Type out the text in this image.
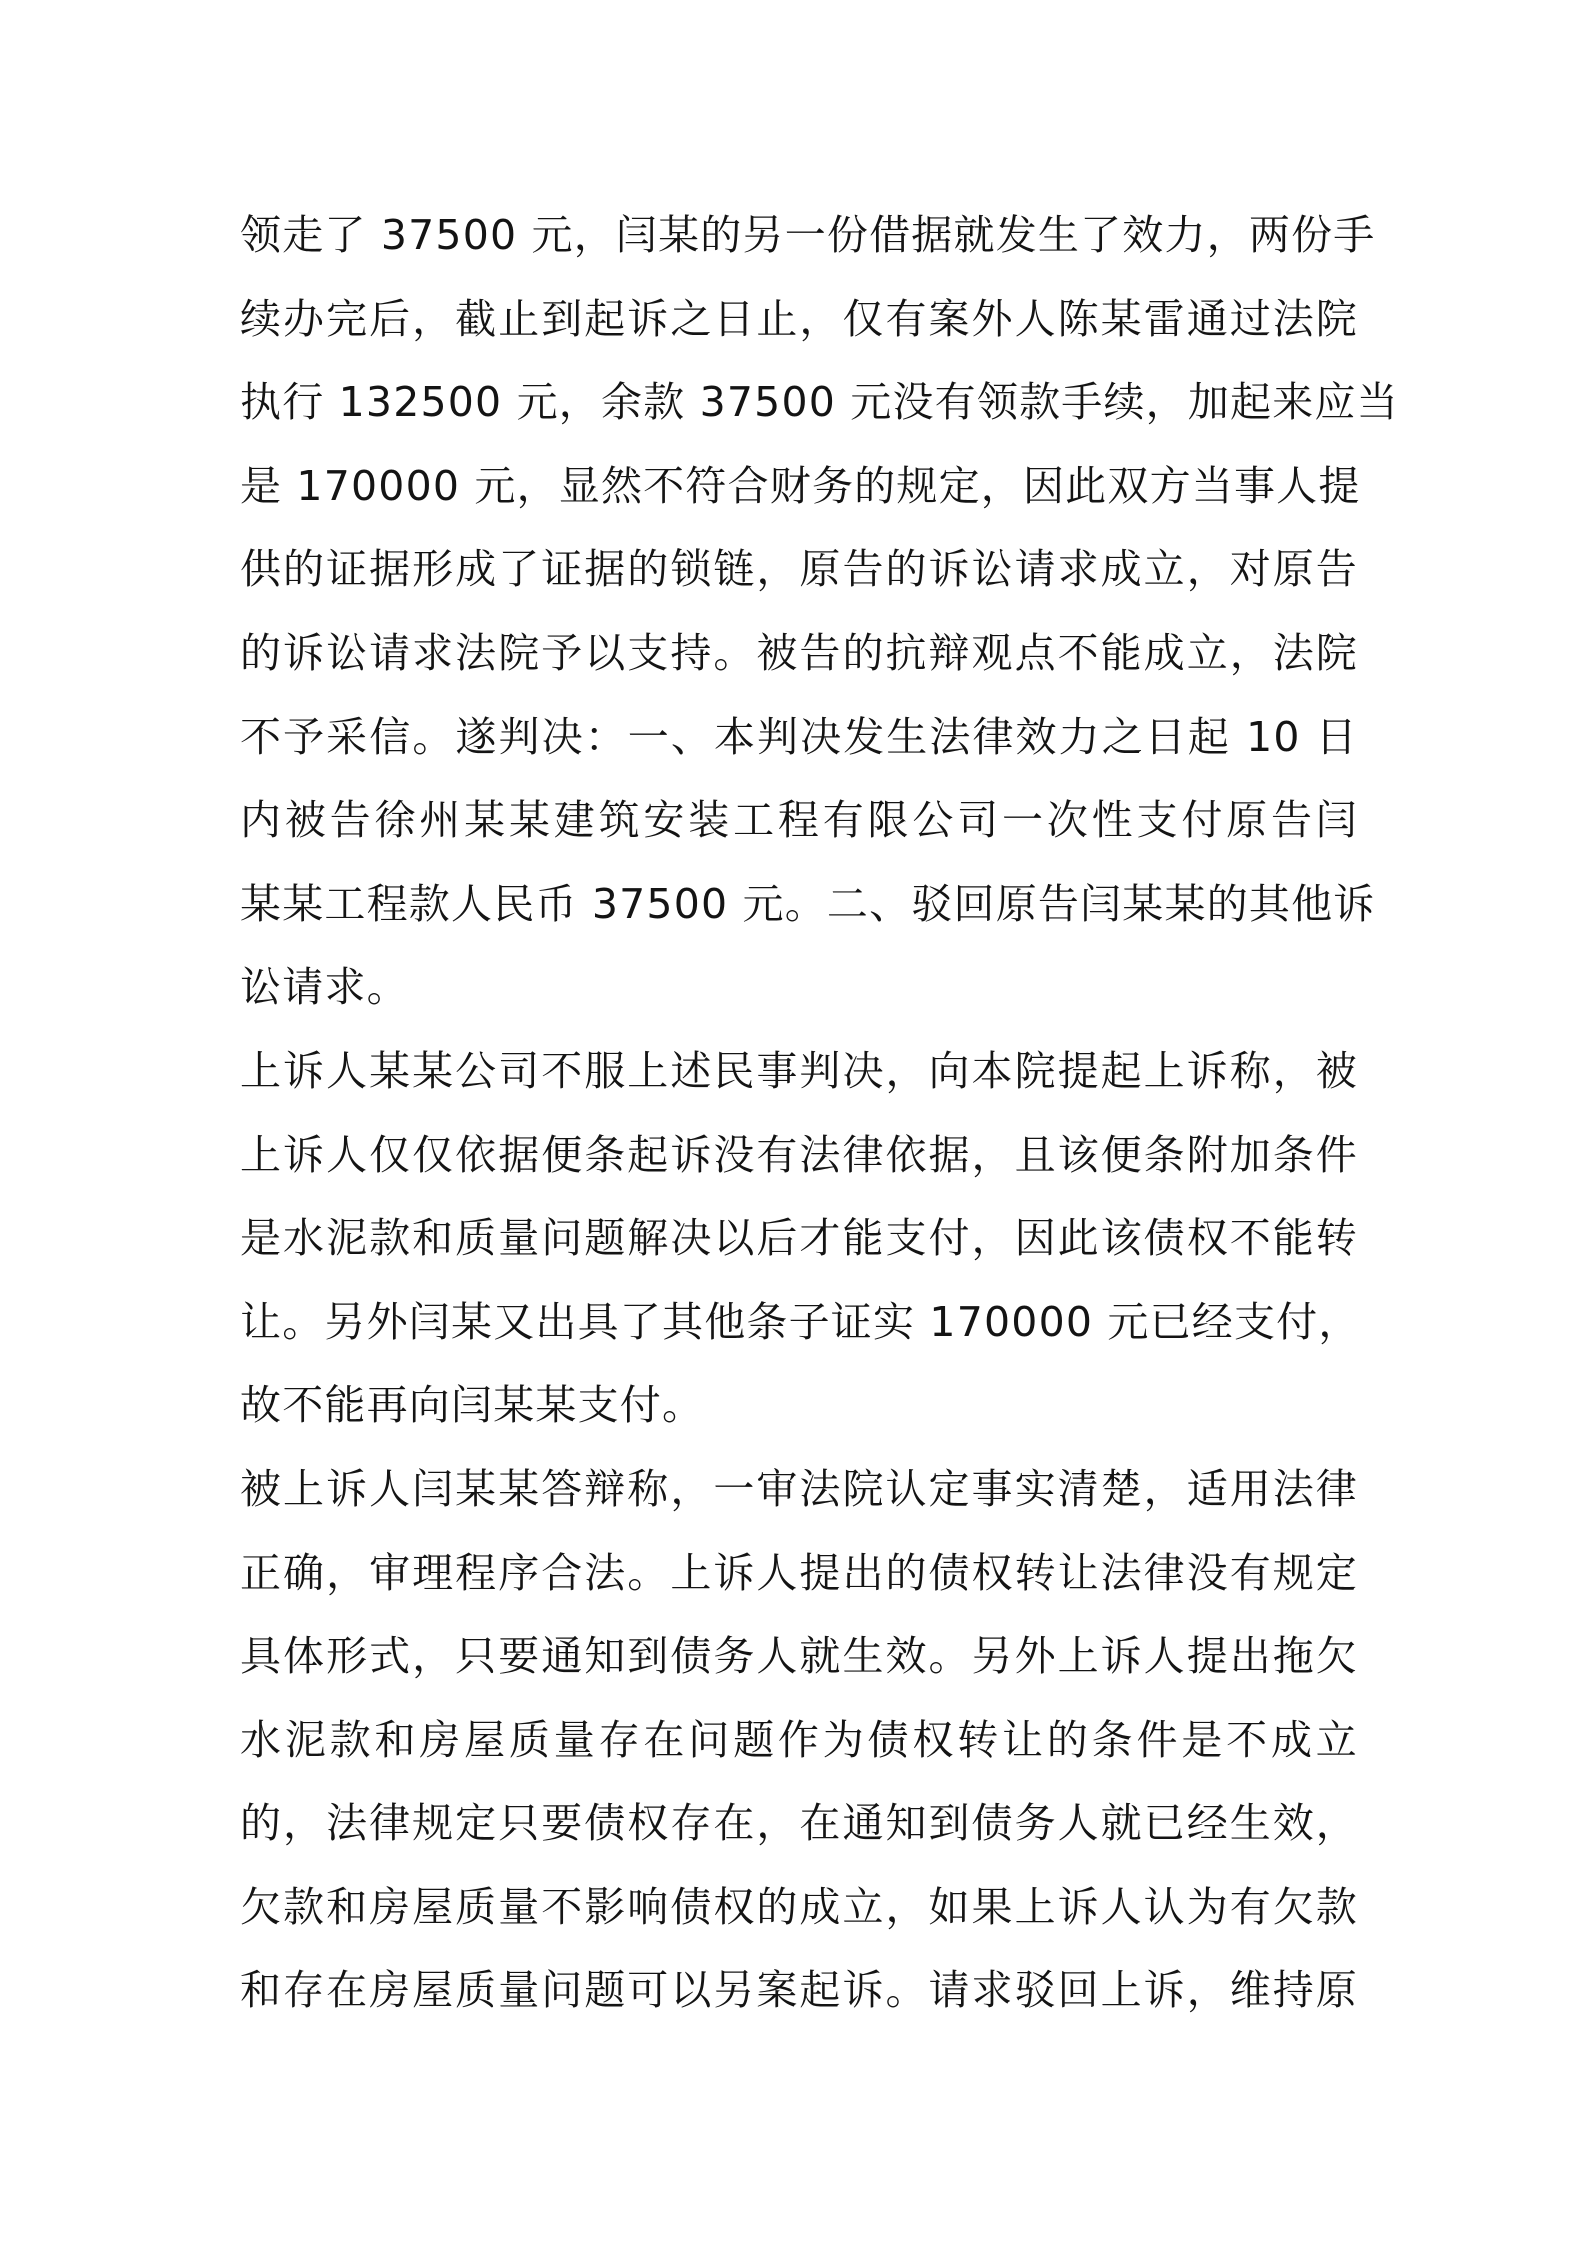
领走了 37500 元，闫某的另一份借据就发生了效力，两份手
续办完后，截止到起诉之日止，仅有案外人陈某雷通过法院
执行 132500 元，余款 37500 元没有领款手续，加起来应当
是 170000 元，显然不符合财务的规定，因此双方当事人提
供的证据形成了证据的锁链，原告的诉讼请求成立，对原告
的诉讼请求法院予以支持。被告的抗辩观点不能成立，法院
不予采信。遂判决：一、本判决发生法律效力之日起 10 日
内被告徐州某某建筑安装工程有限公司一次性支付原告闫
某某工程款人民币 37500 元。二、驳回原告闫某某的其他诉
讼请求。
上诉人某某公司不服上述民事判决，向本院提起上诉称，被
上诉人仅仅依据便条起诉没有法律依据，且该便条附加条件
是水泥款和质量问题解决以后才能支付，因此该债权不能转
让。另外闫某又出具了其他条子证实 170000 元已经支付，
故不能再向闫某某支付。
被上诉人闫某某答辩称，一审法院认定事实清楚，适用法律
正确，审理程序合法。上诉人提出的债权转让法律没有规定
具体形式，只要通知到债务人就生效。另外上诉人提出拖欠
水泥款和房屋质量存在问题作为债权转让的条件是不成立
的，法律规定只要债权存在，在通知到债务人就已经生效，
欠款和房屋质量不影响债权的成立，如果上诉人认为有欠款
和存在房屋质量问题可以另案起诉。请求驳回上诉，维持原
